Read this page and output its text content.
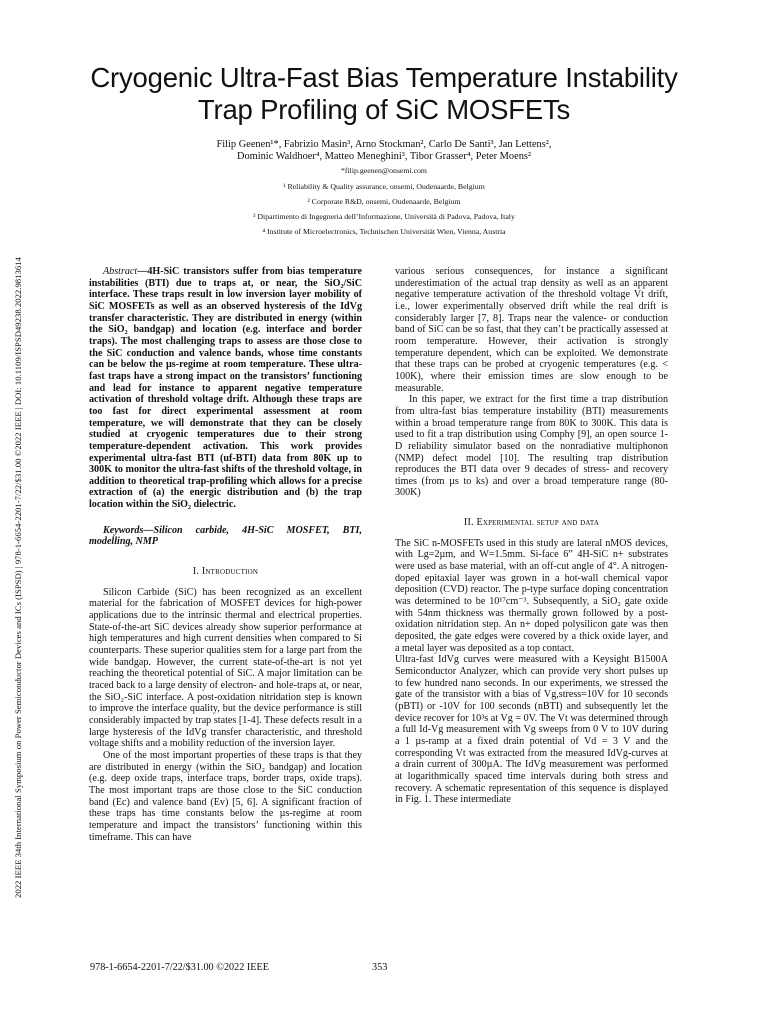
2022 IEEE 34th International Symposium on Power Semiconductor Devices and ICs (ISPSD) | 978-1-6654-2201-7/22/$31.00 ©2022 IEEE | DOI: 10.1109/ISPSD49238.2022.9813614
Cryogenic Ultra-Fast Bias Temperature Instability Trap Profiling of SiC MOSFETs
Filip Geenen¹*, Fabrizio Masin³, Arno Stockman², Carlo De Santi³, Jan Lettens²,
Dominic Waldhoer⁴, Matteo Meneghini³, Tibor Grasser⁴, Peter Moens²
*filip.geenen@onsemi.com
¹ Reliability & Quality assurance, onsemi, Oudenaarde, Belgium
² Corporate R&D, onsemi, Oudenaarde, Belgium
³ Dipartimento di Ingegneria dell’Informazione, Università di Padova, Padova, Italy
⁴ Institute of Microelectronics, Technischen Universität Wien, Vienna, Austria

Abstract—4H-SiC transistors suffer from bias temperature instabilities (BTI) due to traps at, or near, the SiO₂/SiC interface. These traps result in low inversion layer mobility of SiC MOSFETs as well as an observed hysteresis of the IdVg transfer characteristic. They are distributed in energy (within the SiO₂ bandgap) and location (e.g. interface and border traps). The most challenging traps to assess are those close to the SiC conduction and valence bands, whose time constants can be below the µs-regime at room temperature. These ultra-fast traps have a strong impact on the transistors’ functioning and lead for instance to apparent negative temperature activation of threshold voltage drift. Although these traps are too fast for direct experimental assessment at room temperature, we will demonstrate that they can be closely studied at cryogenic temperatures due to their strong temperature-dependent activation. This work provides experimental ultra-fast BTI (uf-BTI) data from 80K up to 300K to monitor the ultra-fast shifts of the threshold voltage, in addition to theoretical trap-profiling which allows for a precise extraction of (a) the energic distribution and (b) the trap location within the SiO₂ dielectric.

Keywords—Silicon carbide, 4H-SiC MOSFET, BTI, modelling, NMP

I. Introduction

Silicon Carbide (SiC) has been recognized as an excellent material for the fabrication of MOSFET devices for high-power applications due to the intrinsic thermal and electrical properties. State-of-the-art SiC devices already show superior performance at high temperatures and high current densities when compared to Si counterparts. These superior qualities stem for a large part from the wide bandgap. However, the current state-of-the-art is not yet reaching the theoretical potential of SiC. A major limitation can be traced back to a large density of electron- and hole-traps at, or near, the SiO₂-SiC interface. A post-oxidation nitridation step is known to improve the interface quality, but the device performance is still considerably impacted by trap states [1-4]. These defects result in a large hysteresis of the IdVg transfer characteristic, and threshold voltage shifts and a mobility reduction of the inversion layer.

One of the most important properties of these traps is that they are distributed in energy (within the SiO₂ bandgap) and location (e.g. deep oxide traps, interface traps, border traps, oxide traps). The most important traps are those close to the SiC conduction band (Ec) and valence band (Ev) [5, 6]. A significant fraction of these traps has time constants below the µs-regime at room temperature and impact the transistors’ functioning within this timeframe. This can have

various serious consequences, for instance a significant underestimation of the actual trap density as well as an apparent negative temperature activation of the threshold voltage Vt drift, i.e., lower experimentally observed drift while the real drift is considerably larger [7, 8]. Traps near the valence- or conduction band of SiC can be so fast, that they can’t be practically assessed at room temperature. However, their activation is strongly temperature dependent, which can be exploited. We demonstrate that these traps can be probed at cryogenic temperatures (e.g. < 100K), where their emission times are slow enough to be measurable.

In this paper, we extract for the first time a trap distribution from ultra-fast bias temperature instability (BTI) measurements within a broad temperature range from 80K to 300K. This data is used to fit a trap distribution using Comphy [9], an open source 1-D reliability simulator based on the nonradiative multiphonon (NMP) defect model [10]. The resulting trap distribution reproduces the BTI data over 9 decades of stress- and recovery times (from µs to ks) and over a broad temperature range (80-300K)

II. Experimental setup and data

The SiC n-MOSFETs used in this study are lateral nMOS devices, with Lg=2µm, and W=1.5mm. Si-face 6” 4H-SiC n+ substrates were used as base material, with an off-cut angle of 4°. A nitrogen-doped epitaxial layer was grown in a hot-wall chemical vapor deposition (CVD) reactor. The p-type surface doping concentration was determined to be 10¹⁷cm⁻³. Subsequently, a SiO₂ gate oxide with 54nm thickness was thermally grown followed by a post-oxidation nitridation step. An n+ doped polysilicon gate was then deposited, the gate edges were covered by a thick oxide layer, and a metal layer was deposited as a top contact.

Ultra-fast IdVg curves were measured with a Keysight B1500A Semiconductor Analyzer, which can provide very short pulses up to few hundred nano seconds. In our experiments, we stressed the gate of the transistor with a bias of Vg,stress=10V for 10 seconds (pBTI) or -10V for 100 seconds (nBTI) and subsequently let the device recover for 10³s at Vg = 0V. The Vt was determined through a full Id-Vg measurement with Vg sweeps from 0 V to 10V during a 1 µs-ramp at a fixed drain potential of Vd = 3 V and the corresponding Vt was extracted from the measured IdVg-curves at a drain current of 300µA. The IdVg measurement was performed at logarithmically spaced time intervals during both stress and recovery. A schematic representation of this sequence is displayed in Fig. 1. These intermediate

978-1-6654-2201-7/22/$31.00 ©2022 IEEE	353
